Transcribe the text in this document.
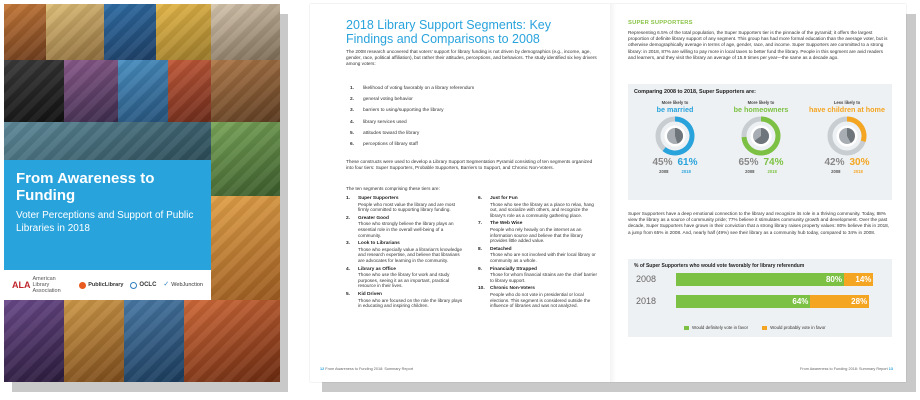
From Awareness to Funding
Voter Perceptions and Support of Public Libraries in 2018
ALA
American Library Association
PublicLibrary	OCLC ✓ WebJunction
2018 Library Support Segments: Key Findings and Comparisons to 2008
The 2008 research uncovered that voters' support for library funding is not driven by demographics (e.g., income, age, gender, race, political affiliation), but rather their attitudes, perceptions, and behaviors. The study identified six key drivers among voters:
1.	likelihood of voting favorably on a library referendum
2.	general voting behavior
3.	barriers to using/supporting the library
4.	library services used
5.	attitudes toward the library
6.	perceptions of library staff
These constructs were used to develop a Library Support Segmentation Pyramid consisting of ten segments organized into four tiers: Super Supporters, Probable Supporters, Barriers to Support, and Chronic Non-Voters.
The ten segments comprising these tiers are:
1.	Super Supporters
People who most value the library and are most firmly committed to supporting library funding.
2.	Greater Good
Those who strongly believe the library plays an essential role in the overall well-being of a community.
3.	Look to Librarians
Those who especially value a librarian's knowledge and research expertise, and believe that librarians are advocates for learning in the community.
4.	Library as Office
Those who use the library for work and study purposes, seeing it as an important, practical resource in their lives.
5.	Kid Driven
Those who are focused on the role the library plays in educating and inspiring children.
6.	Just for Fun
Those who see the library as a place to relax, hang out, and socialize with others, and recognize the library's role as a community gathering place.
7.	The Web Wise
People who rely heavily on the internet as an information source and believe that the library provides little added value.
8.	Detached
Those who are not involved with their local library or community as a whole.
9.	Financially Strapped
Those for whom financial strains are the chief barrier to library support.
10. Chronic Non-Voters
People who do not vote in presidential or local elections. This segment is considered outside the influence of libraries and was not analyzed.
12 From Awareness to Funding 2018: Summary Report
SUPER SUPPORTERS
Representing 6.5% of the total population, the Super Supporters tier is the pinnacle of the pyramid; it offers the largest proportion of definite library support of any segment. This group has had more formal education than the average voter, but is otherwise demographically average in terms of age, gender, race, and income. Super Supporters are committed to a strong library: in 2018, 87% are willing to pay more in local taxes to better fund the library. People in this segment are avid readers and learners, and they visit the library an average of 15.9 times per year—the same as a decade ago.
Comparing 2008 to 2018, Super Supporters are:
More likely to
be married
45% 61%
2008	2018
More likely to
be homeowners
65% 74%
2008	2018
Less likely to
have children at home
42% 30%
2008	2018
Super Supporters have a deep emotional connection to the library and recognize its role in a thriving community. Today, 88% view the library as a source of community pride; 77% believe it stimulates community growth and development. Over the past decade, Super Supporters have grown in their conviction that a strong library raises property values: 80% believe this in 2018, a jump from 65% in 2008. And, nearly half (49%) see their library as a community hub today, compared to 34% in 2008.
% of Super Supporters who would vote favorably for library referendum
2008	80%	14%
2018	64%	28%
Would definitely vote in favor	Would probably vote in favor
From Awareness to Funding 2018: Summary Report 13
